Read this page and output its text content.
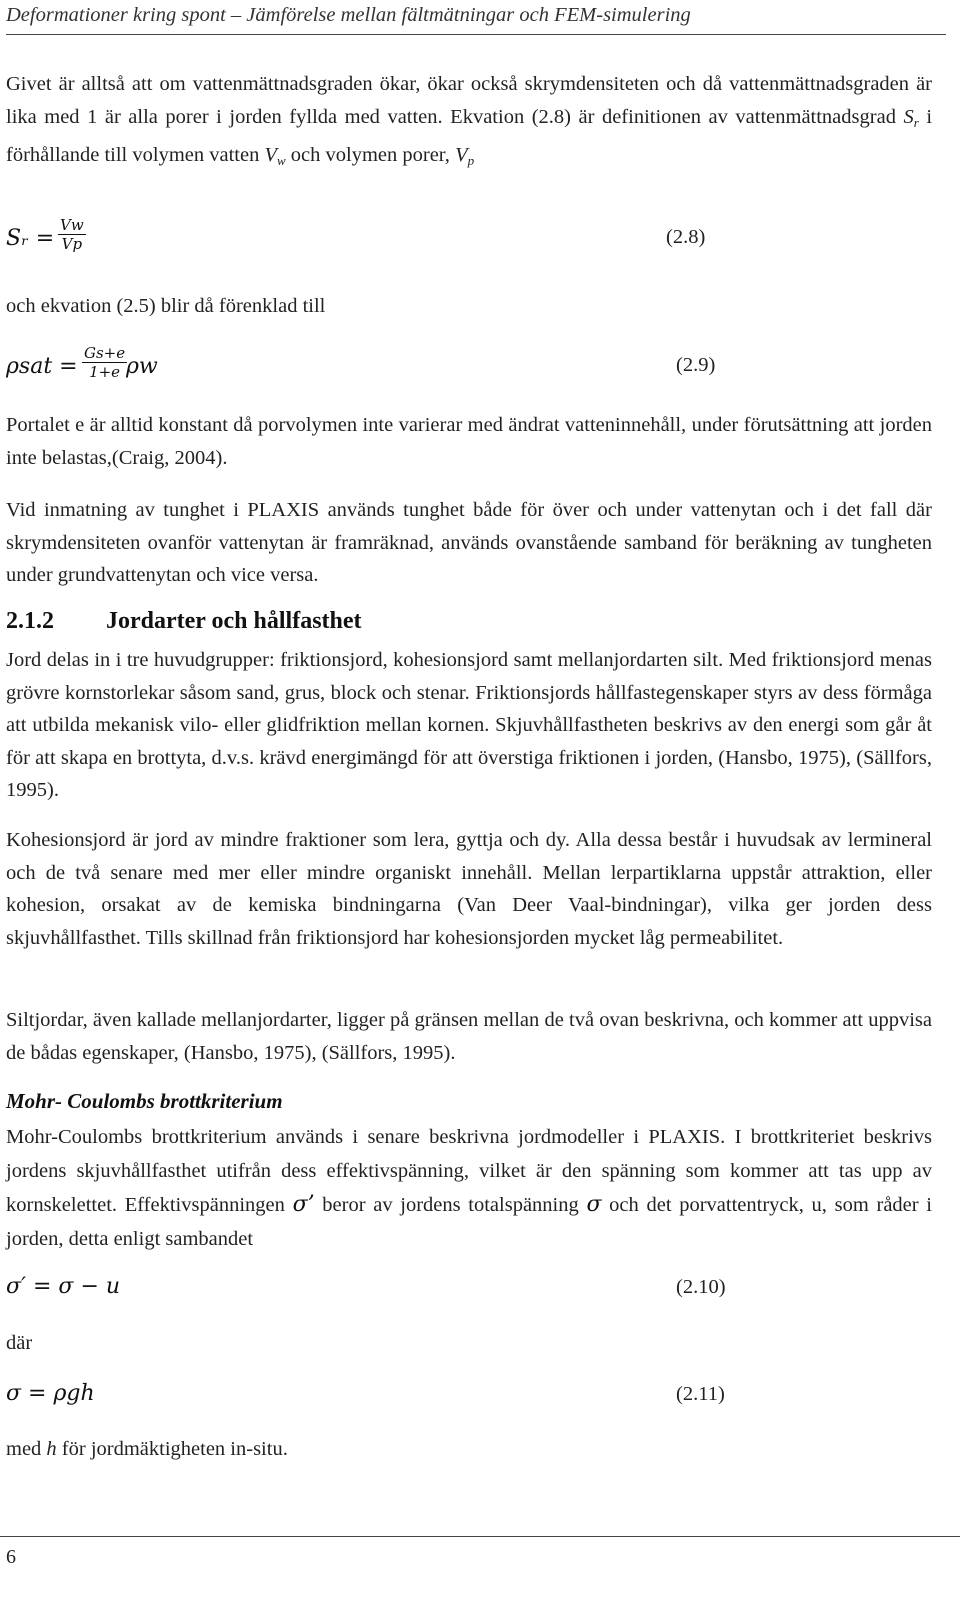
Deformationer kring spont – Jämförelse mellan fältmätningar och FEM-simulering
Givet är alltså att om vattenmättnadsgraden ökar, ökar också skrymdensiteten och då vattenmättnadsgraden är lika med 1 är alla porer i jorden fyllda med vatten. Ekvation (2.8) är definitionen av vattenmättnadsgrad $S_r$ i förhållande till volymen vatten $V_w$ och volymen porer, $V_p$
Sᵣ = $\frac{Vw}{Vp}$	(2.8)
och ekvation (2.5) blir då förenklad till
$\rho sat = \frac{Gs+e}{1+e}$
ρw	(2.9)
Portalet e är alltid konstant då porvolymen inte varierar med ändrat vatteninnehåll, under förutsättning att jorden inte belastas,(Craig, 2004).
Vid inmatning av tunghet i PLAXIS används tunghet både för över och under vattenytan och i det fall där skrymdensiteten ovanför vattenytan är framräknad, används ovanstående samband för beräkning av tungheten under grundvattenytan och vice versa.
2.1.2 Jordarter och hållfasthet
Jord delas in i tre huvudgrupper: friktionsjord, kohesionsjord samt mellanjordarten silt. Med friktionsjord menas grövre kornstorlekar såsom sand, grus, block och stenar. Friktionsjords hållfastegenskaper styrs av dess förmåga att utbilda mekanisk vilo- eller glidfriktion mellan kornen. Skjuvhållfastheten beskrivs av den energi som går åt för att skapa en brottyta, d.v.s. krävd energimängd för att överstiga friktionen i jorden, (Hansbo, 1975), (Sällfors, 1995).
Kohesionsjord är jord av mindre fraktioner som lera, gyttja och dy. Alla dessa består i huvudsak av lermineral och de två senare med mer eller mindre organiskt innehåll. Mellan lerpartiklarna uppstår attraktion, eller kohesion, orsakat av de kemiska bindningarna (Van Deer Vaal-bindningar), vilka ger jorden dess skjuvhållfasthet. Tills skillnad från friktionsjord har kohesionsjorden mycket låg permeabilitet.
Siltjordar, även kallade mellanjordarter, ligger på gränsen mellan de två ovan beskrivna, och kommer att uppvisa de bådas egenskaper, (Hansbo, 1975), (Sällfors, 1995).
Mohr- Coulombs brottkriterium
Mohr-Coulombs brottkriterium används i senare beskrivna jordmodeller i PLAXIS. I brottkriteriet beskrivs jordens skjuvhållfasthet utifrån dess effektivspänning, vilket är den spänning som kommer att tas upp av kornskelettet. Effektivspänningen σ’ beror av jordens totalspänning σ och det porvattentryck, u, som råder i jorden, detta enligt sambandet
σ′ = σ − u	(2.10)
där
σ = ρgh	(2.11)
med h för jordmäktigheten in-situ.
6
